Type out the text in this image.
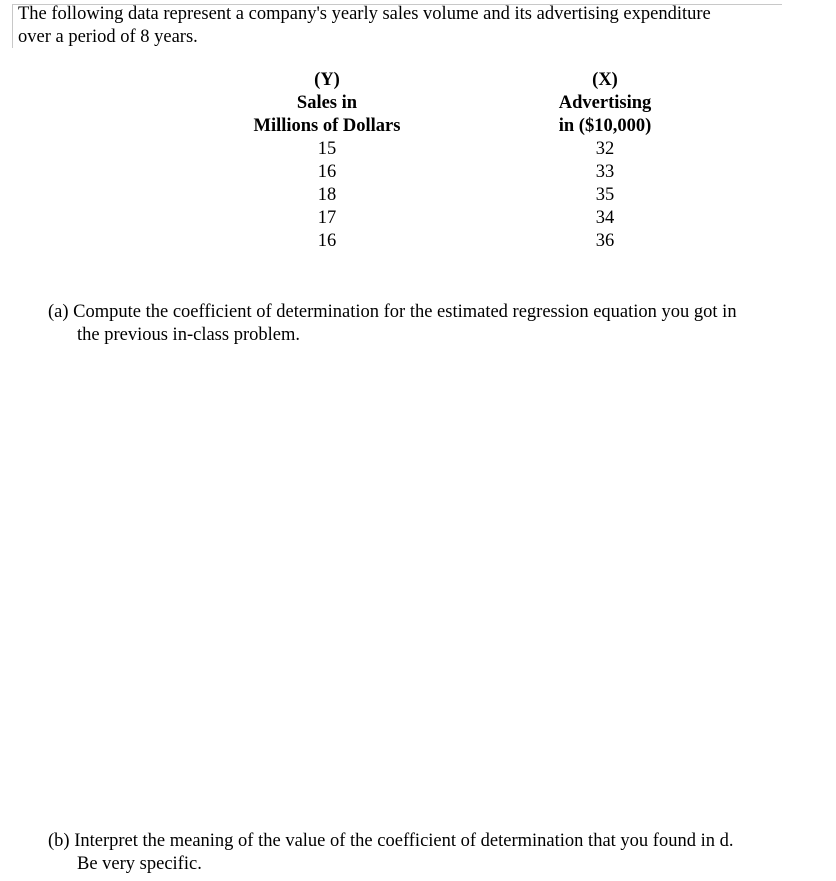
The following data represent a company's yearly sales volume and its advertising expenditure
over a period of 8 years.
(Y)
Sales in
Millions of Dollars
15
16
18
17
16
(X)
Advertising
in ($10,000)
32
33
35
34
36
(a) Compute the coefficient of determination for the estimated regression equation you got in
the previous in-class problem.
(b) Interpret the meaning of the value of the coefficient of determination that you found in d.
Be very specific.
